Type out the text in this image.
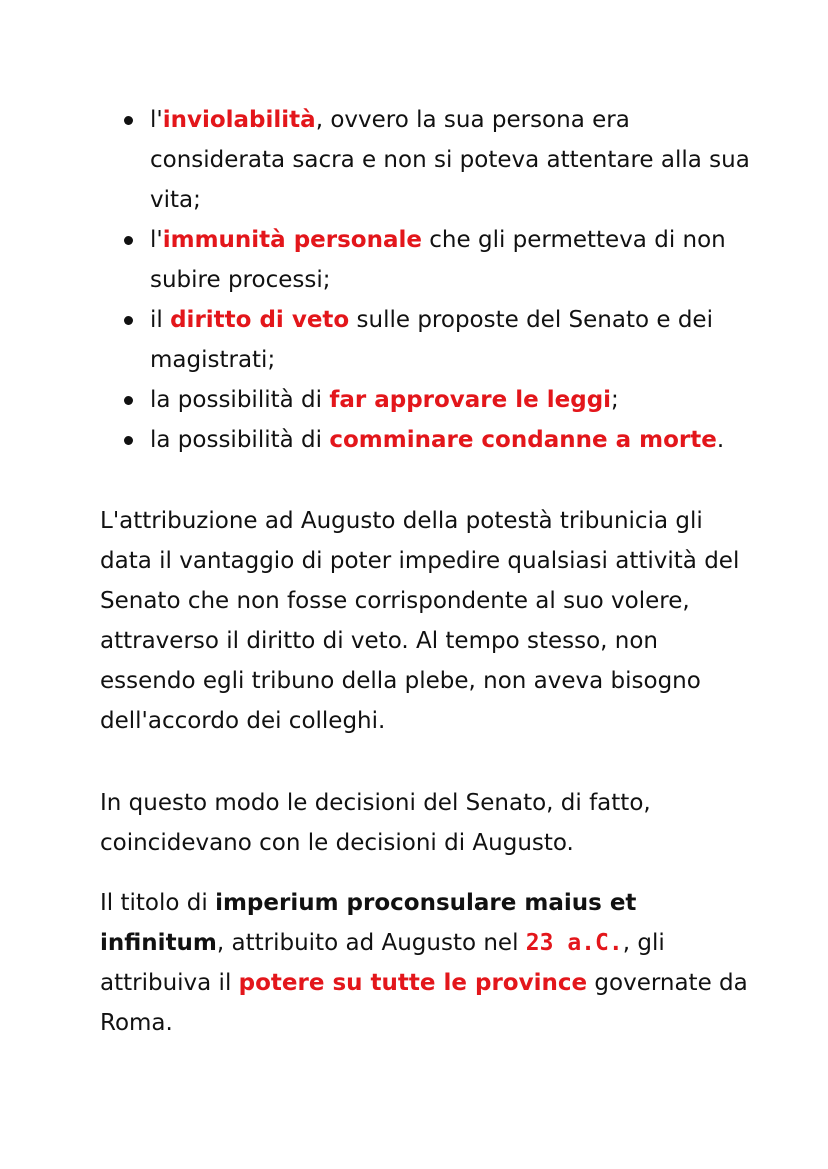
l'inviolabilità, ovvero la sua persona era considerata sacra e non si poteva attentare alla sua vita;
l'immunità personale che gli permetteva di non subire processi;
il diritto di veto sulle proposte del Senato e dei magistrati;
la possibilità di far approvare le leggi;
la possibilità di comminare condanne a morte.

L'attribuzione ad Augusto della potestà tribunicia gli data il vantaggio di poter impedire qualsiasi attività del Senato che non fosse corrispondente al suo volere, attraverso il diritto di veto. Al tempo stesso, non essendo egli tribuno della plebe, non aveva bisogno dell'accordo dei colleghi.

In questo modo le decisioni del Senato, di fatto, coincidevano con le decisioni di Augusto.

Il titolo di imperium proconsulare maius et infinitum, attribuito ad Augusto nel 23 a.C., gli attribuiva il potere su tutte le province governate da Roma.
